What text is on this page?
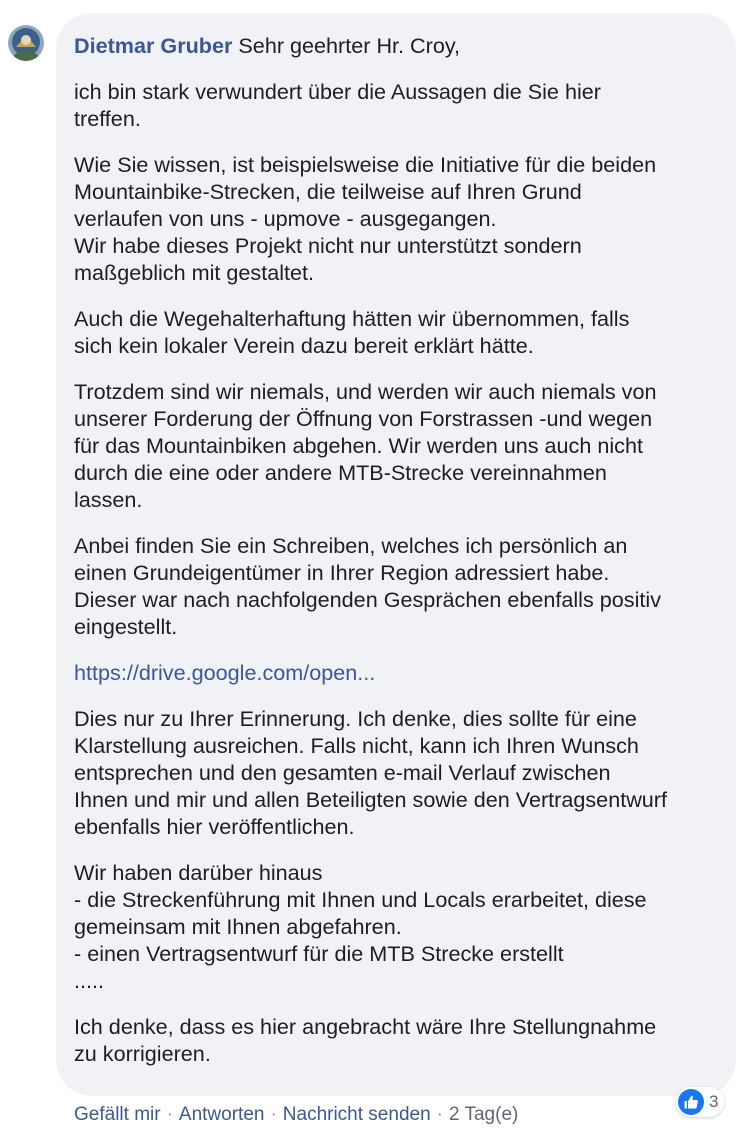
Dietmar Gruber Sehr geehrter Hr. Croy,

ich bin stark verwundert über die Aussagen die Sie hier
treffen.

Wie Sie wissen, ist beispielsweise die Initiative für die beiden
Mountainbike-Strecken, die teilweise auf Ihren Grund
verlaufen von uns - upmove - ausgegangen.
Wir habe dieses Projekt nicht nur unterstützt sondern
maßgeblich mit gestaltet.

Auch die Wegehalterhaftung hätten wir übernommen, falls
sich kein lokaler Verein dazu bereit erklärt hätte.

Trotzdem sind wir niemals, und werden wir auch niemals von
unserer Forderung der Öffnung von Forstrassen -und wegen
für das Mountainbiken abgehen. Wir werden uns auch nicht
durch die eine oder andere MTB-Strecke vereinnahmen
lassen.

Anbei finden Sie ein Schreiben, welches ich persönlich an
einen Grundeigentümer in Ihrer Region adressiert habe.
Dieser war nach nachfolgenden Gesprächen ebenfalls positiv
eingestellt.

https://drive.google.com/open...

Dies nur zu Ihrer Erinnerung. Ich denke, dies sollte für eine
Klarstellung ausreichen. Falls nicht, kann ich Ihren Wunsch
entsprechen und den gesamten e-mail Verlauf zwischen
Ihnen und mir und allen Beteiligten sowie den Vertragsentwurf
ebenfalls hier veröffentlichen.

Wir haben darüber hinaus
- die Streckenführung mit Ihnen und Locals erarbeitet, diese
gemeinsam mit Ihnen abgefahren.
- einen Vertragsentwurf für die MTB Strecke erstellt
.....

Ich denke, dass es hier angebracht wäre Ihre Stellungnahme
zu korrigieren.

3
Gefällt mir · Antworten · Nachricht senden · 2 Tag(e)
